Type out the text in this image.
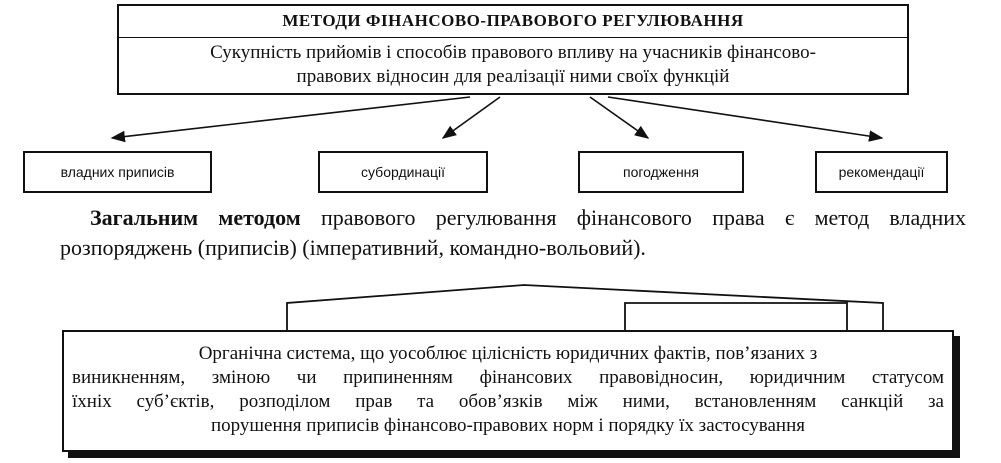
МЕТОДИ ФІНАНСОВО-ПРАВОВОГО РЕГУЛЮВАННЯ
Сукупність прийомів і способів правового впливу на учасників фінансово-
правових відносин для реалізації ними своїх функцій
владних приписів	субординації	погодження	рекомендації
Загальним методом правового регулювання фінансового права є метод владних розпоряджень (приписів) (імперативний, командно-вольовий).
Органічна система, що уособлює цілісність юридичних фактів, пов’язаних з
виникненням, зміною чи припиненням фінансових правовідносин, юридичним статусом
їхніх суб’єктів, розподілом прав та обов’язків між ними, встановленням санкцій за
порушення приписів фінансово-правових норм і порядку їх застосування
